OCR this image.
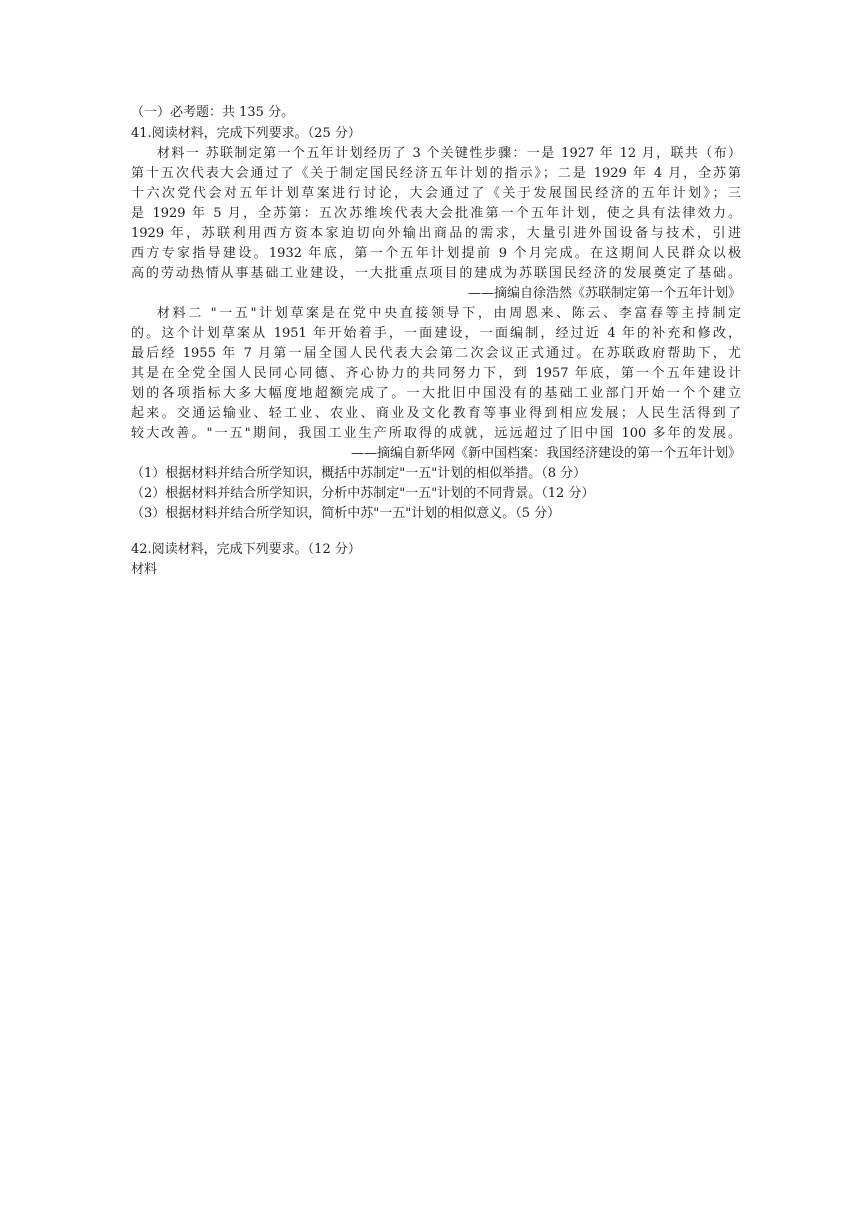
（一）必考题：共 135 分。
41.阅读材料，完成下列要求。（25 分）
材料一 苏联制定第一个五年计划经历了 3 个关键性步骤：一是 1927 年 12 月，联共（布）
第十五次代表大会通过了《关于制定国民经济五年计划的指示》；二是 1929 年 4 月，全苏第
十六次党代会对五年计划草案进行讨论，大会通过了《关于发展国民经济的五年计划》；三
是 1929 年 5 月，全苏第：五次苏维埃代表大会批准第一个五年计划，使之具有法律效力。
1929 年，苏联利用西方资本家迫切向外输出商品的需求，大量引进外国设备与技术，引进
西方专家指导建设。1932 年底，第一个五年计划提前 9 个月完成。在这期间人民群众以极
高的劳动热情从事基础工业建设，一大批重点项目的建成为苏联国民经济的发展奠定了基础。
——摘编自徐浩然《苏联制定第一个五年计划》
材料二 "一五"计划草案是在党中央直接领导下，由周恩来、陈云、李富春等主持制定
的。这个计划草案从 1951 年开始着手，一面建设，一面编制，经过近 4 年的补充和修改，
最后经 1955 年 7 月第一届全国人民代表大会第二次会议正式通过。在苏联政府帮助下，尤
其是在全党全国人民同心同德、齐心协力的共同努力下，到 1957 年底，第一个五年建设计
划的各项指标大多大幅度地超额完成了。一大批旧中国没有的基础工业部门开始一个个建立
起来。交通运输业、轻工业、农业、商业及文化教育等事业得到相应发展；人民生活得到了
较大改善。"一五"期间，我国工业生产所取得的成就，远远超过了旧中国 100 多年的发展。
——摘编自新华网《新中国档案：我国经济建设的第一个五年计划》
（1）根据材料并结合所学知识，概括中苏制定"一五"计划的相似举措。（8 分）
（2）根据材料并结合所学知识，分析中苏制定"一五"计划的不同背景。（12 分）
（3）根据材料并结合所学知识，简析中苏"一五"计划的相似意义。（5 分）
42.阅读材料，完成下列要求。（12 分）
材料
